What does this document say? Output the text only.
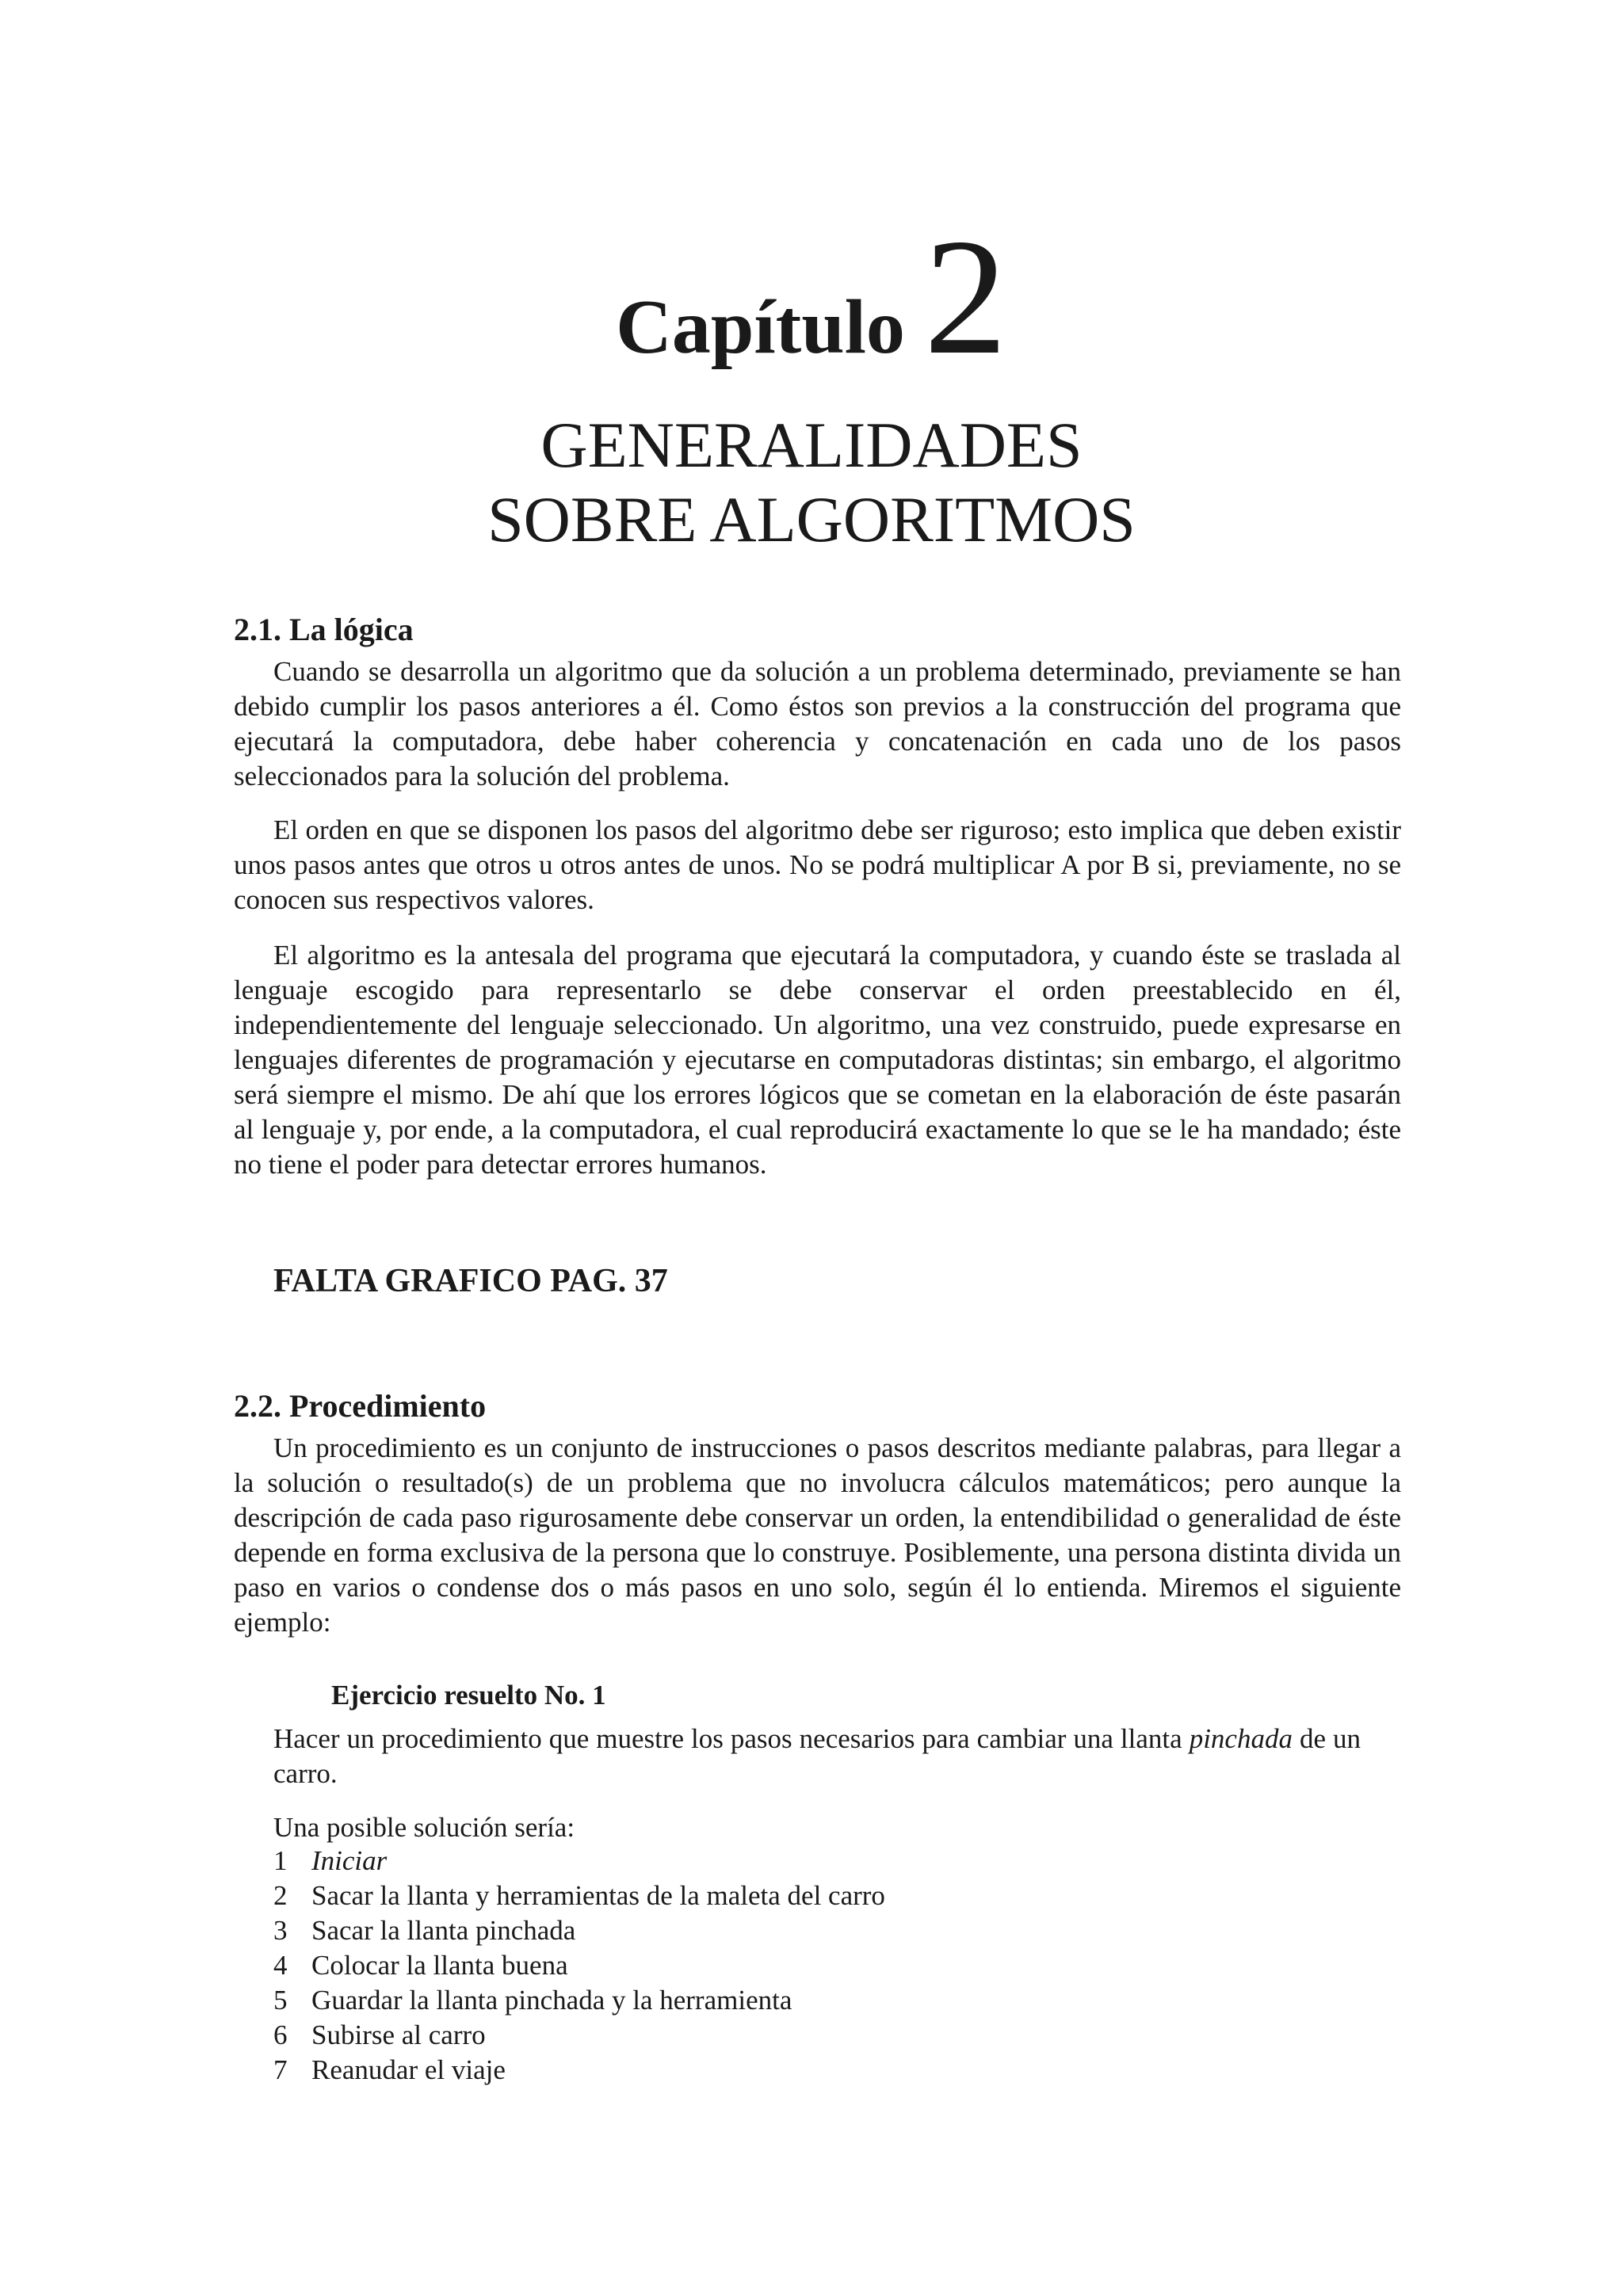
Capítulo 2
GENERALIDADES
SOBRE ALGORITMOS
2.1. La lógica

Cuando se desarrolla un algoritmo que da solución a un problema determinado, previamente se han debido cumplir los pasos anteriores a él. Como éstos son previos a la construcción del programa que ejecutará la computadora, debe haber coherencia y concatenación en cada uno de los pasos seleccionados para la solución del problema.

El orden en que se disponen los pasos del algoritmo debe ser riguroso; esto implica que deben existir unos pasos antes que otros u otros antes de unos. No se podrá multiplicar A por B si, previamente, no se conocen sus respectivos valores.

El algoritmo es la antesala del programa que ejecutará la computadora, y cuando éste se traslada al lenguaje escogido para representarlo se debe conservar el orden preestablecido en él, independientemente del lenguaje seleccionado. Un algoritmo, una vez construido, puede expresarse en lenguajes diferentes de programación y ejecutarse en computadoras distintas; sin embargo, el algoritmo será siempre el mismo. De ahí que los errores lógicos que se cometan en la elaboración de éste pasarán al lenguaje y, por ende, a la computadora, el cual reproducirá exactamente lo que se le ha mandado; éste no tiene el poder para detectar errores humanos.

FALTA GRAFICO PAG. 37
2.2. Procedimiento

Un procedimiento es un conjunto de instrucciones o pasos descritos mediante palabras, para llegar a la solución o resultado(s) de un problema que no involucra cálculos matemáticos; pero aunque la descripción de cada paso rigurosamente debe conservar un orden, la entendibilidad o generalidad de éste depende en forma exclusiva de la persona que lo construye. Posiblemente, una persona distinta divida un paso en varios o condense dos o más pasos en uno solo, según él lo entienda. Miremos el siguiente ejemplo:

Ejercicio resuelto No. 1

Hacer un procedimiento que muestre los pasos necesarios para cambiar una llanta pinchada de un carro.

Una posible solución sería:
1 Iniciar
2 Sacar la llanta y herramientas de la maleta del carro
3 Sacar la llanta pinchada
4 Colocar la llanta buena
5 Guardar la llanta pinchada y la herramienta
6 Subirse al carro
7 Reanudar el viaje
